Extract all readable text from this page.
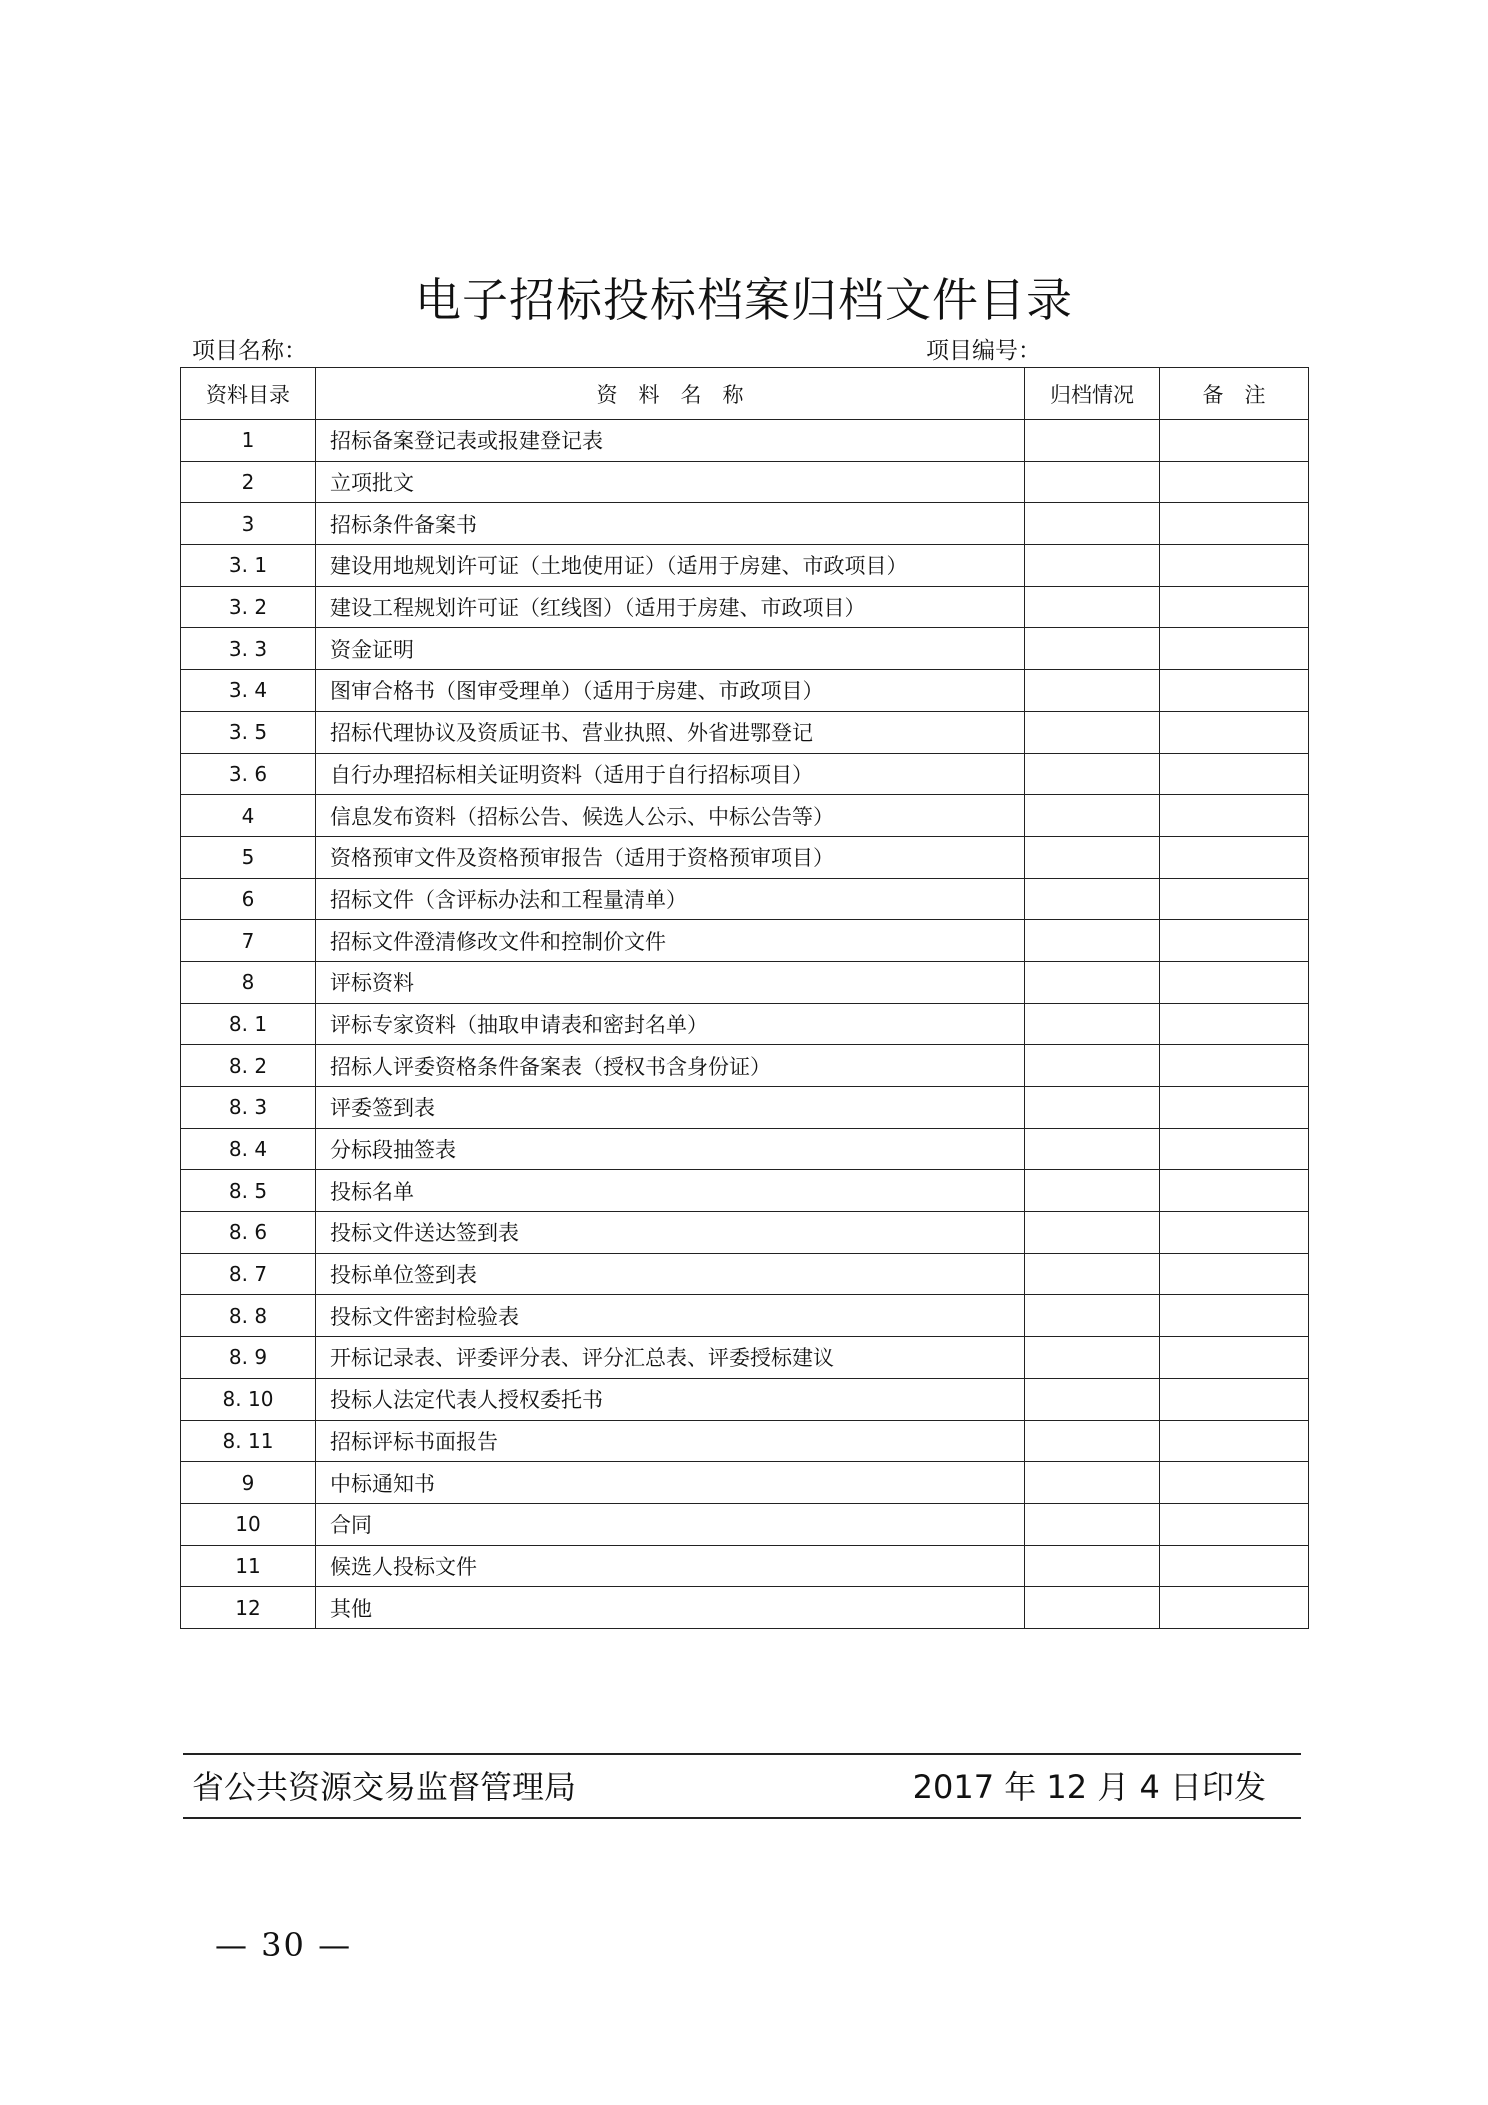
电子招标投标档案归档文件目录
项目名称：	项目编号：
资料目录	资　料　名　称	归档情况	备　注
1	招标备案登记表或报建登记表		
2	立项批文		
3	招标条件备案书		
3. 1	建设用地规划许可证（土地使用证）（适用于房建、市政项目）		
3. 2	建设工程规划许可证（红线图）（适用于房建、市政项目）		
3. 3	资金证明		
3. 4	图审合格书（图审受理单）（适用于房建、市政项目）		
3. 5	招标代理协议及资质证书、营业执照、外省进鄂登记		
3. 6	自行办理招标相关证明资料（适用于自行招标项目）		
4	信息发布资料（招标公告、候选人公示、中标公告等）		
5	资格预审文件及资格预审报告（适用于资格预审项目）		
6	招标文件（含评标办法和工程量清单）		
7	招标文件澄清修改文件和控制价文件		
8	评标资料		
8. 1	评标专家资料（抽取申请表和密封名单）		
8. 2	招标人评委资格条件备案表（授权书含身份证）		
8. 3	评委签到表		
8. 4	分标段抽签表		
8. 5	投标名单		
8. 6	投标文件送达签到表		
8. 7	投标单位签到表		
8. 8	投标文件密封检验表		
8. 9	开标记录表、评委评分表、评分汇总表、评委授标建议		
8. 10	投标人法定代表人授权委托书		
8. 11	招标评标书面报告		
9	中标通知书		
10	合同		
11	候选人投标文件		
12	其他		
省公共资源交易监督管理局	2017 年 12 月 4 日印发
— 30 —
